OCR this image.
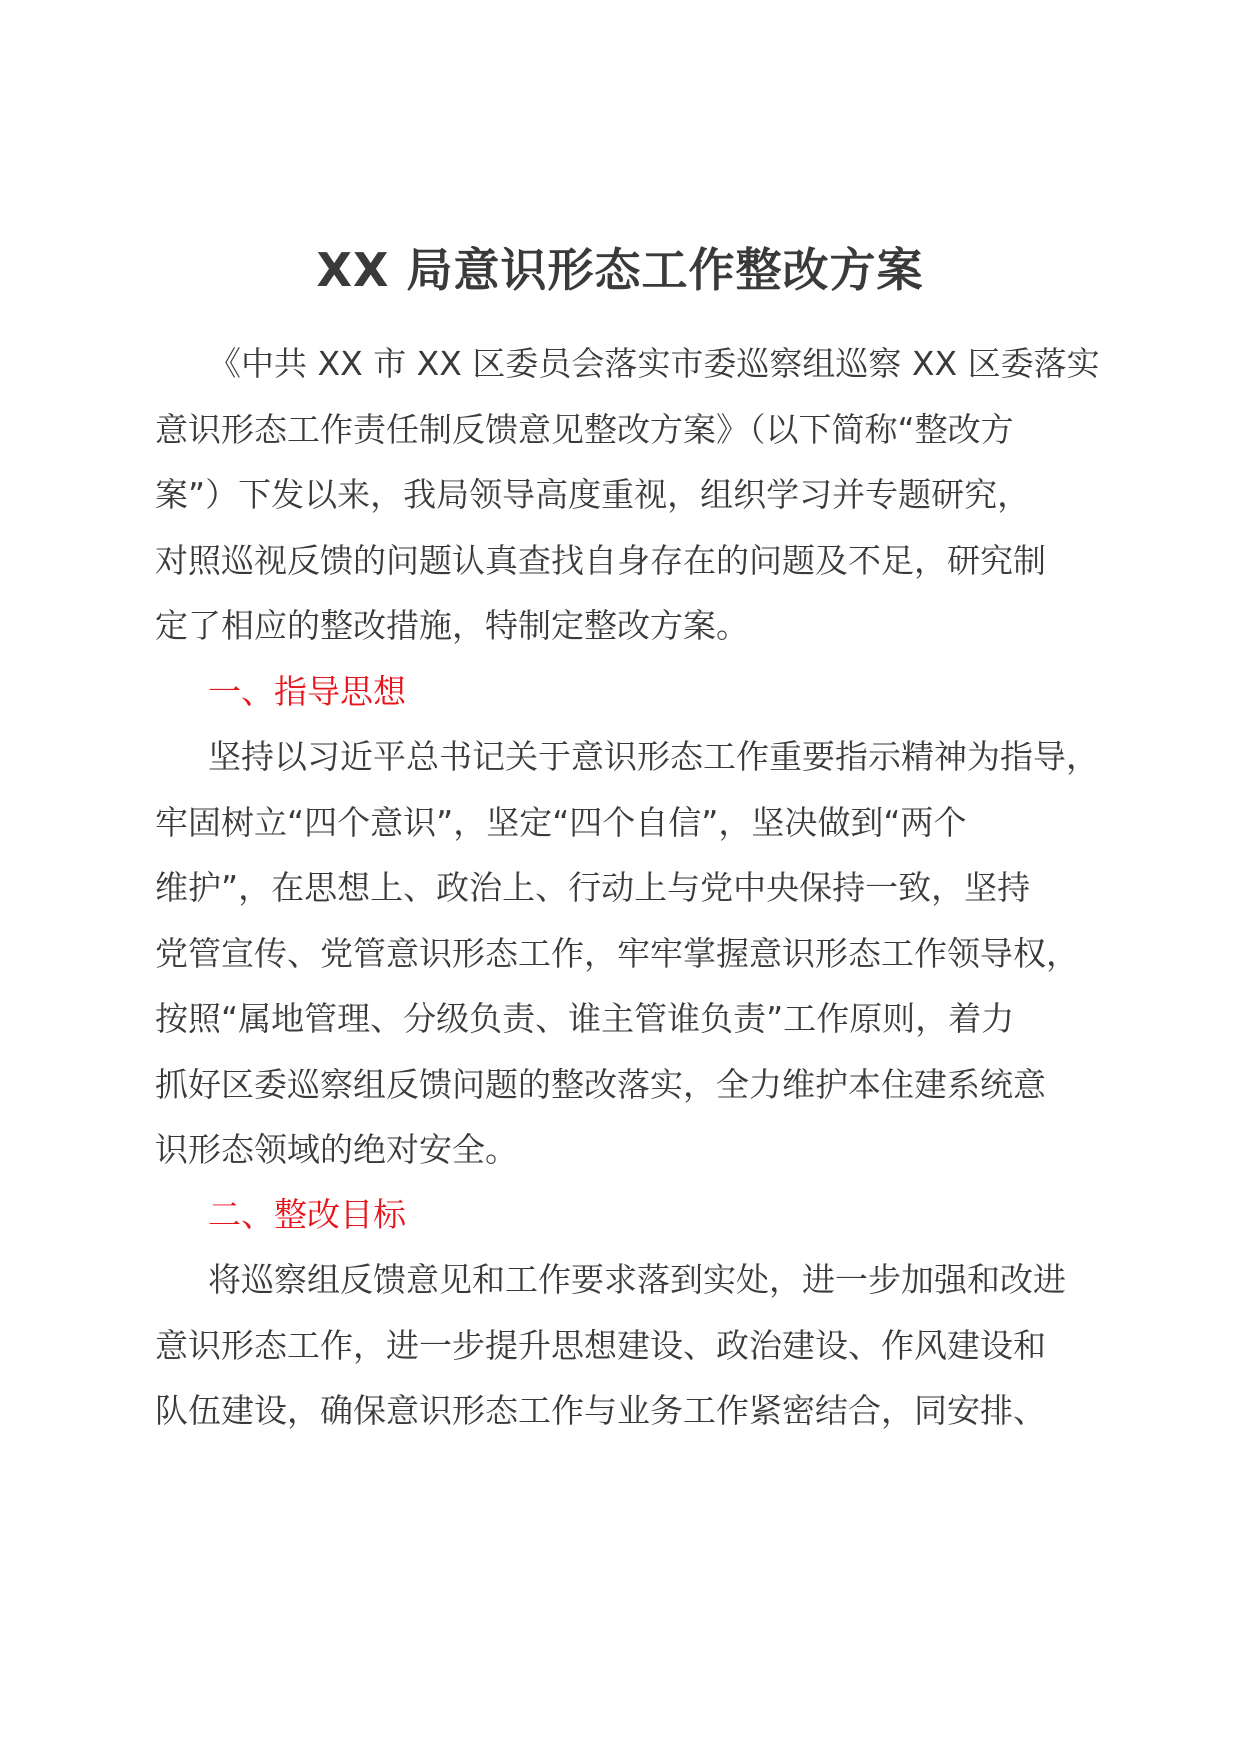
XX 局意识形态工作整改方案
《中共 XX 市 XX 区委员会落实市委巡察组巡察 XX 区委落实
意识形态工作责任制反馈意见整改方案》（以下简称“整改方
案”）下发以来，我局领导高度重视，组织学习并专题研究，
对照巡视反馈的问题认真查找自身存在的问题及不足，研究制
定了相应的整改措施，特制定整改方案。
一、指导思想
坚持以习近平总书记关于意识形态工作重要指示精神为指导，
牢固树立“四个意识”，坚定“四个自信”，坚决做到“两个
维护”，在思想上、政治上、行动上与党中央保持一致，坚持
党管宣传、党管意识形态工作，牢牢掌握意识形态工作领导权，
按照“属地管理、分级负责、谁主管谁负责”工作原则，着力
抓好区委巡察组反馈问题的整改落实，全力维护本住建系统意
识形态领域的绝对安全。
二、整改目标
将巡察组反馈意见和工作要求落到实处，进一步加强和改进
意识形态工作，进一步提升思想建设、政治建设、作风建设和
队伍建设，确保意识形态工作与业务工作紧密结合，同安排、
